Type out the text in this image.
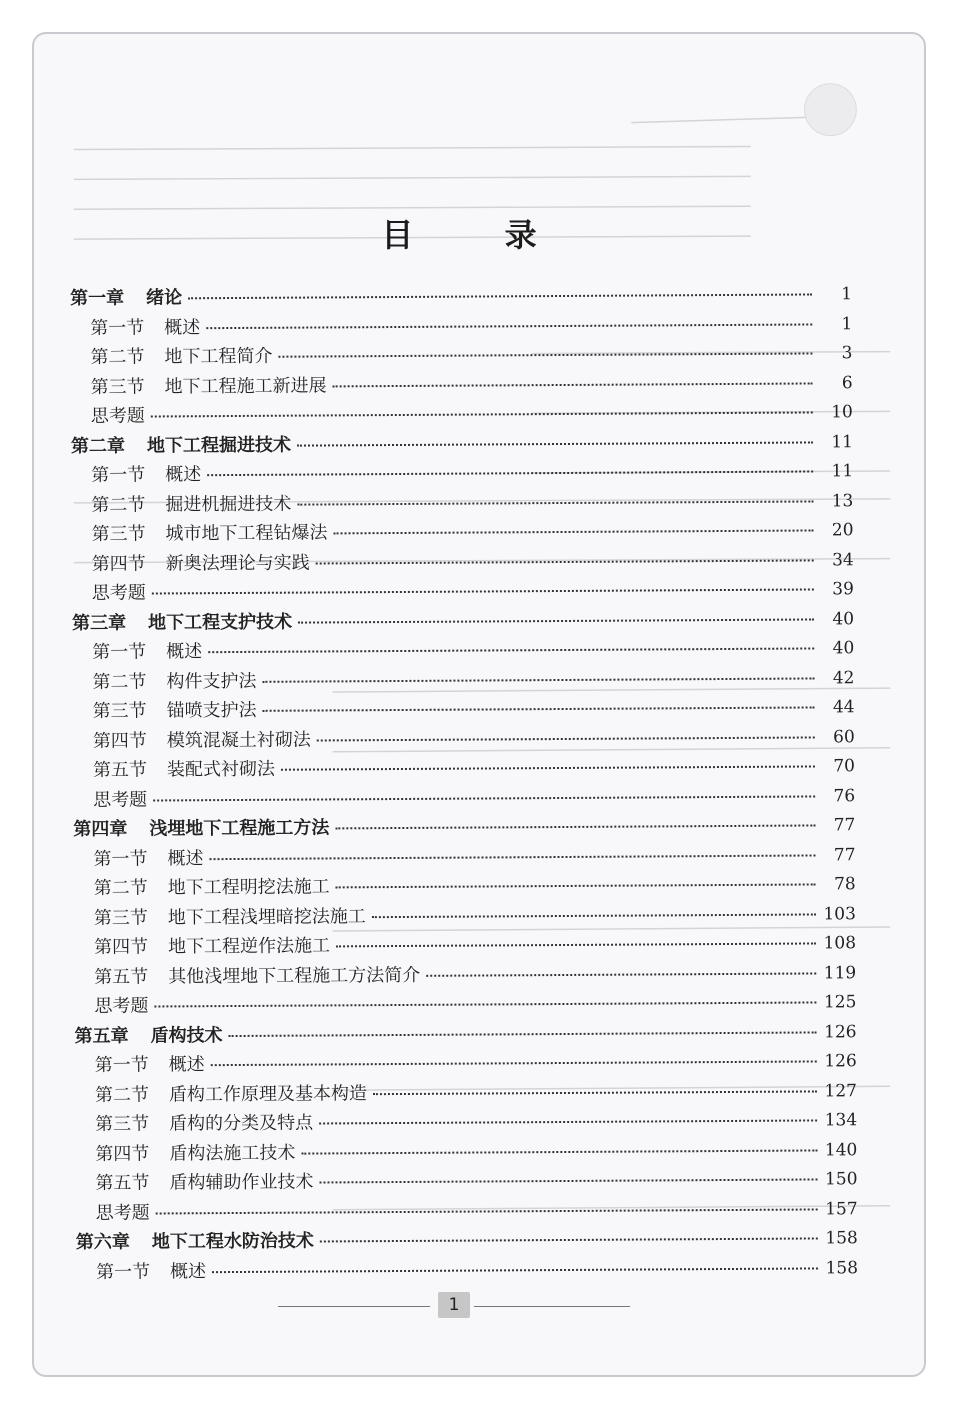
目 录
第一章 绪论	1
第一节 概述	1
第二节 地下工程简介	3
第三节 地下工程施工新进展	6
思考题	10
第二章 地下工程掘进技术	11
第一节 概述	11
第二节 掘进机掘进技术	13
第三节 城市地下工程钻爆法	20
第四节 新奥法理论与实践	34
思考题	39
第三章 地下工程支护技术	40
第一节 概述	40
第二节 构件支护法	42
第三节 锚喷支护法	44
第四节 模筑混凝土衬砌法	60
第五节 装配式衬砌法	70
思考题	76
第四章 浅埋地下工程施工方法	77
第一节 概述	77
第二节 地下工程明挖法施工	78
第三节 地下工程浅埋暗挖法施工	103
第四节 地下工程逆作法施工	108
第五节 其他浅埋地下工程施工方法简介	119
思考题	125
第五章 盾构技术	126
第一节 概述	126
第二节 盾构工作原理及基本构造	127
第三节 盾构的分类及特点	134
第四节 盾构法施工技术	140
第五节 盾构辅助作业技术	150
思考题	157
第六章 地下工程水防治技术	158
第一节 概述	158
1
